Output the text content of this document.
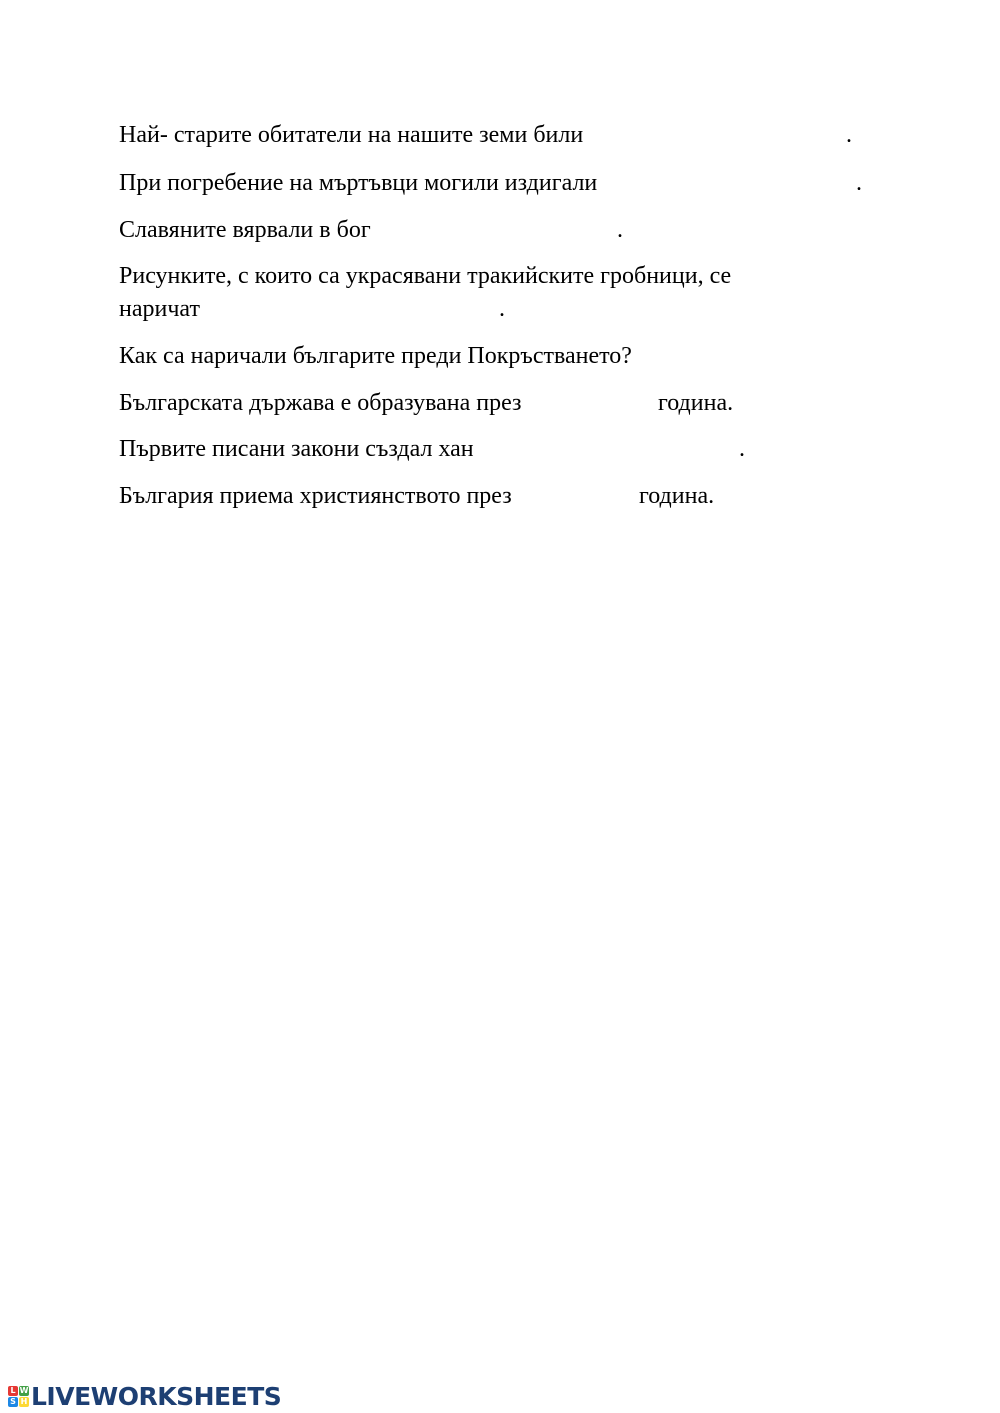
Най- старите обитатели на нашите земи били	.
При погребение на мъртъвци могили издигали	.
Славяните вярвали в бог	.
Рисунките, с които са украсявани тракийските гробници, се
наричат	.
Как са наричали българите преди Покръстването?
Българската държава е образувана през	година.
Първите писани закони създал хан	.
България приема християнството през	година.
L W
S H LIVEWORKSHEETS
